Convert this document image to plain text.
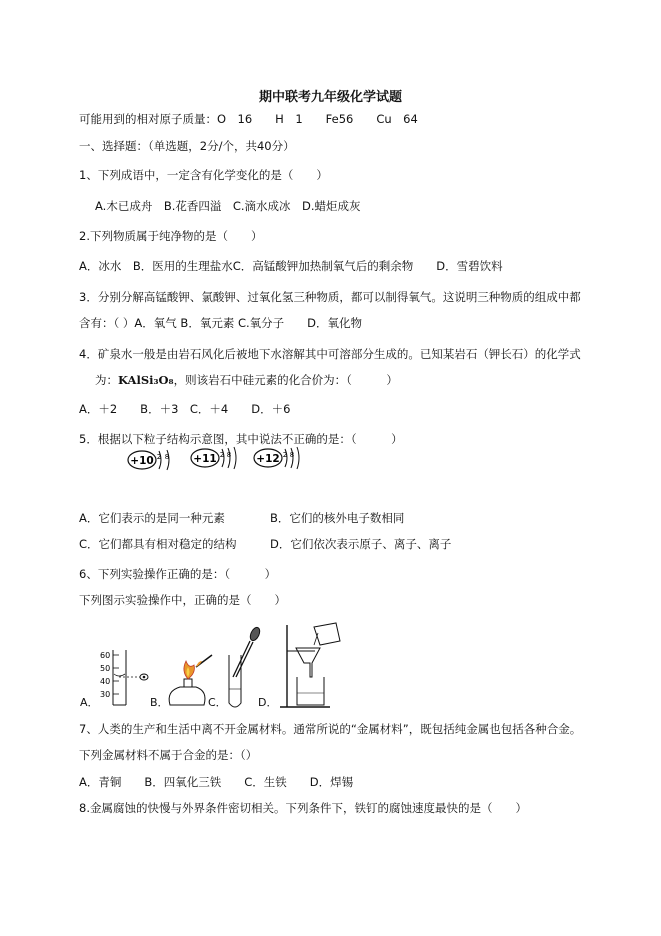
期中联考九年级化学试题
可能用到的相对原子质量：O　16　　H　1　　Fe56　　Cu　64
一、选择题：（单选题，2分/个，共40分）
1、下列成语中，一定含有化学变化的是（　　）
A.木已成舟　B.花香四溢　C.滴水成冰　D.蜡炬成灰
2.下列物质属于纯净物的是（　　）
A．冰水　B．医用的生理盐水C．高锰酸钾加热制氧气后的剩余物　　D．雪碧饮料
3．分别分解高锰酸钾、氯酸钾、过氧化氢三种物质，都可以制得氧气。这说明三种物质的组成中都
含有：（ ）A．氧气 B．氧元素 C.氧分子　　D．氧化物
4．矿泉水一般是由岩石风化后被地下水溶解其中可溶部分生成的。已知某岩石（钾长石）的化学式
为：KAlSi₃O₈，则该岩石中硅元素的化合价为：（　　　）
A．＋2　　B．＋3　C．＋4　　D．＋6
5．根据以下粒子结构示意图，其中说法不正确的是：（　　　）
+10 2 8 +11 2 8 +12 2 8
A．它们表示的是同一种元素	B．它们的核外电子数相同
C．它们都具有相对稳定的结构	D．它们依次表示原子、离子、离子
6、下列实验操作正确的是：（　　　）
下列图示实验操作中，正确的是（　　）
A．	B．	C．	D．
60
50
40
30
7、人类的生产和生活中离不开金属材料。通常所说的“金属材料”，既包括纯金属也包括各种合金。
下列金属材料不属于合金的是：（）
A．青铜　　B．四氧化三铁　　C．生铁　　D．焊锡
8.金属腐蚀的快慢与外界条件密切相关。下列条件下，铁钉的腐蚀速度最快的是（　　）
